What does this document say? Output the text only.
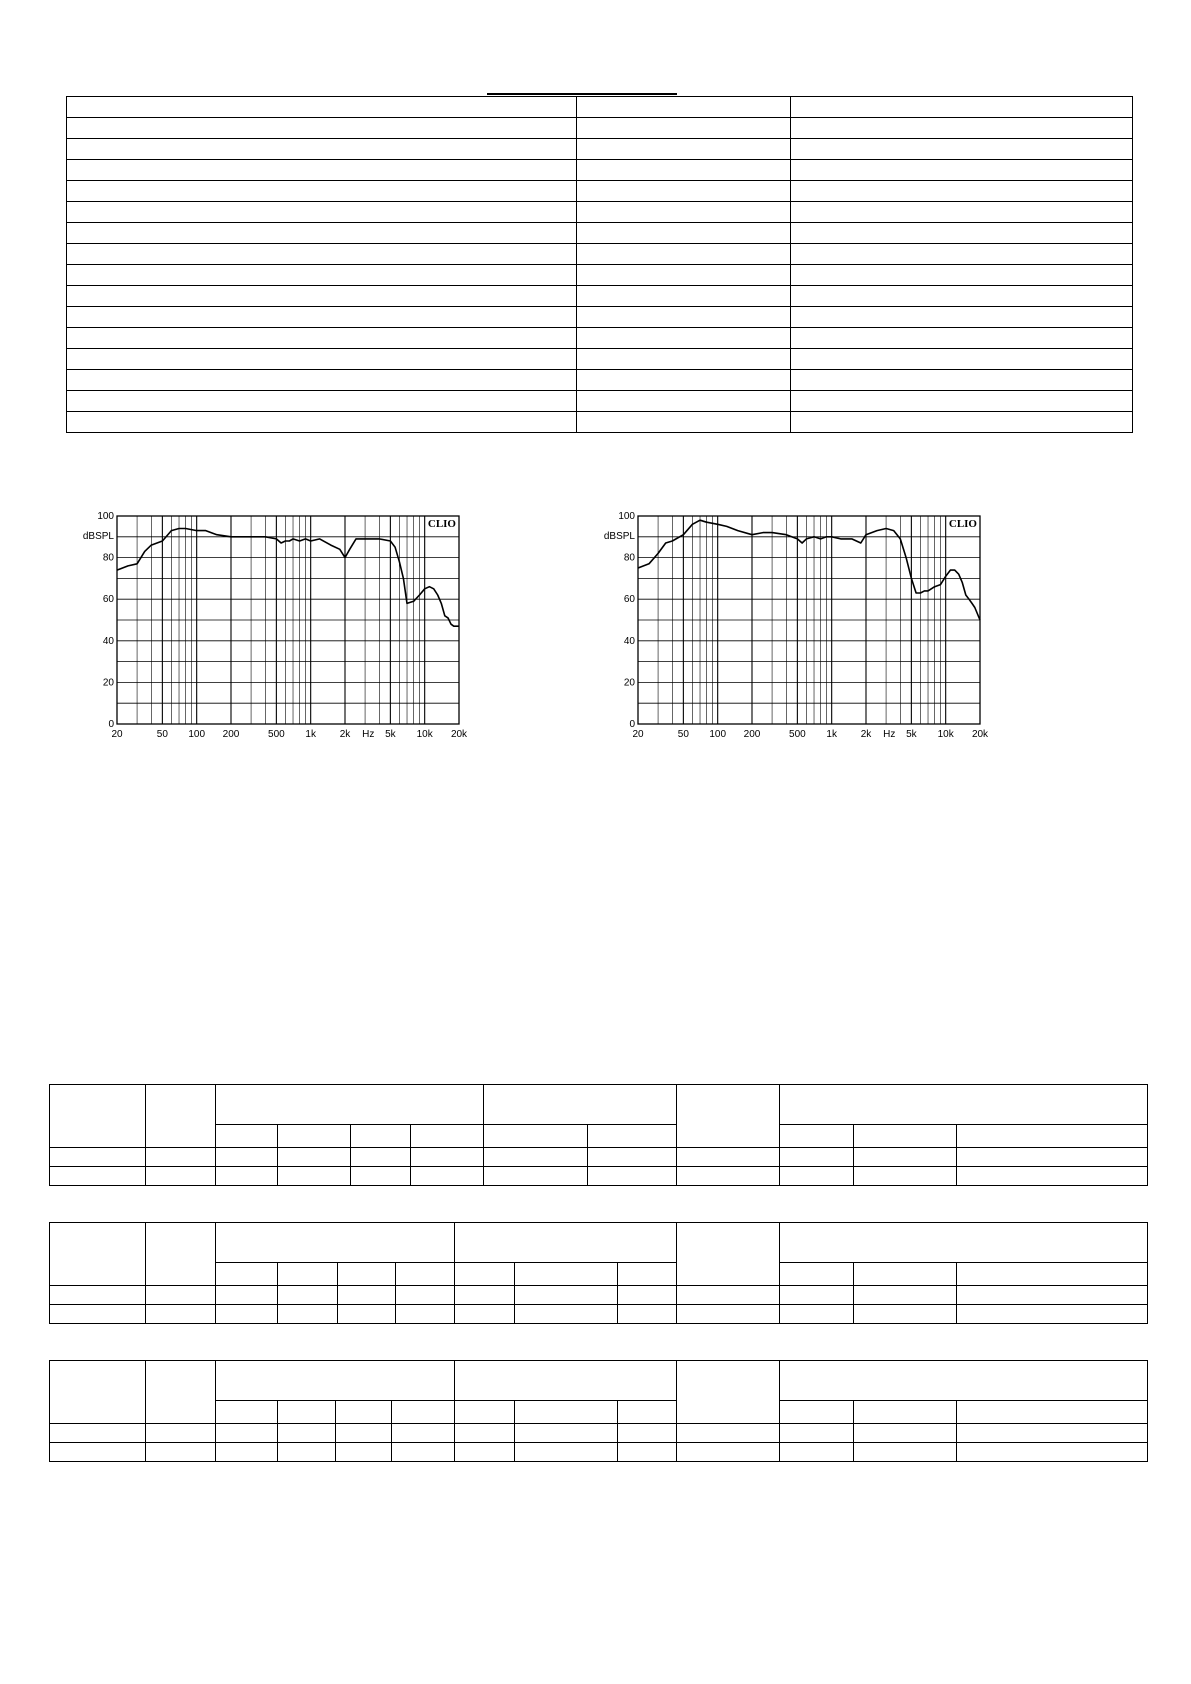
20	50 100 200	500 1k 2k	5k 10k 20k
0
20
40
60
80
100
dBSPL
Hz
CLIO
20	50 100 200	500 1k 2k	5k 10k 20k
0
20
40
60
80
100
dBSPL
Hz
CLIO
